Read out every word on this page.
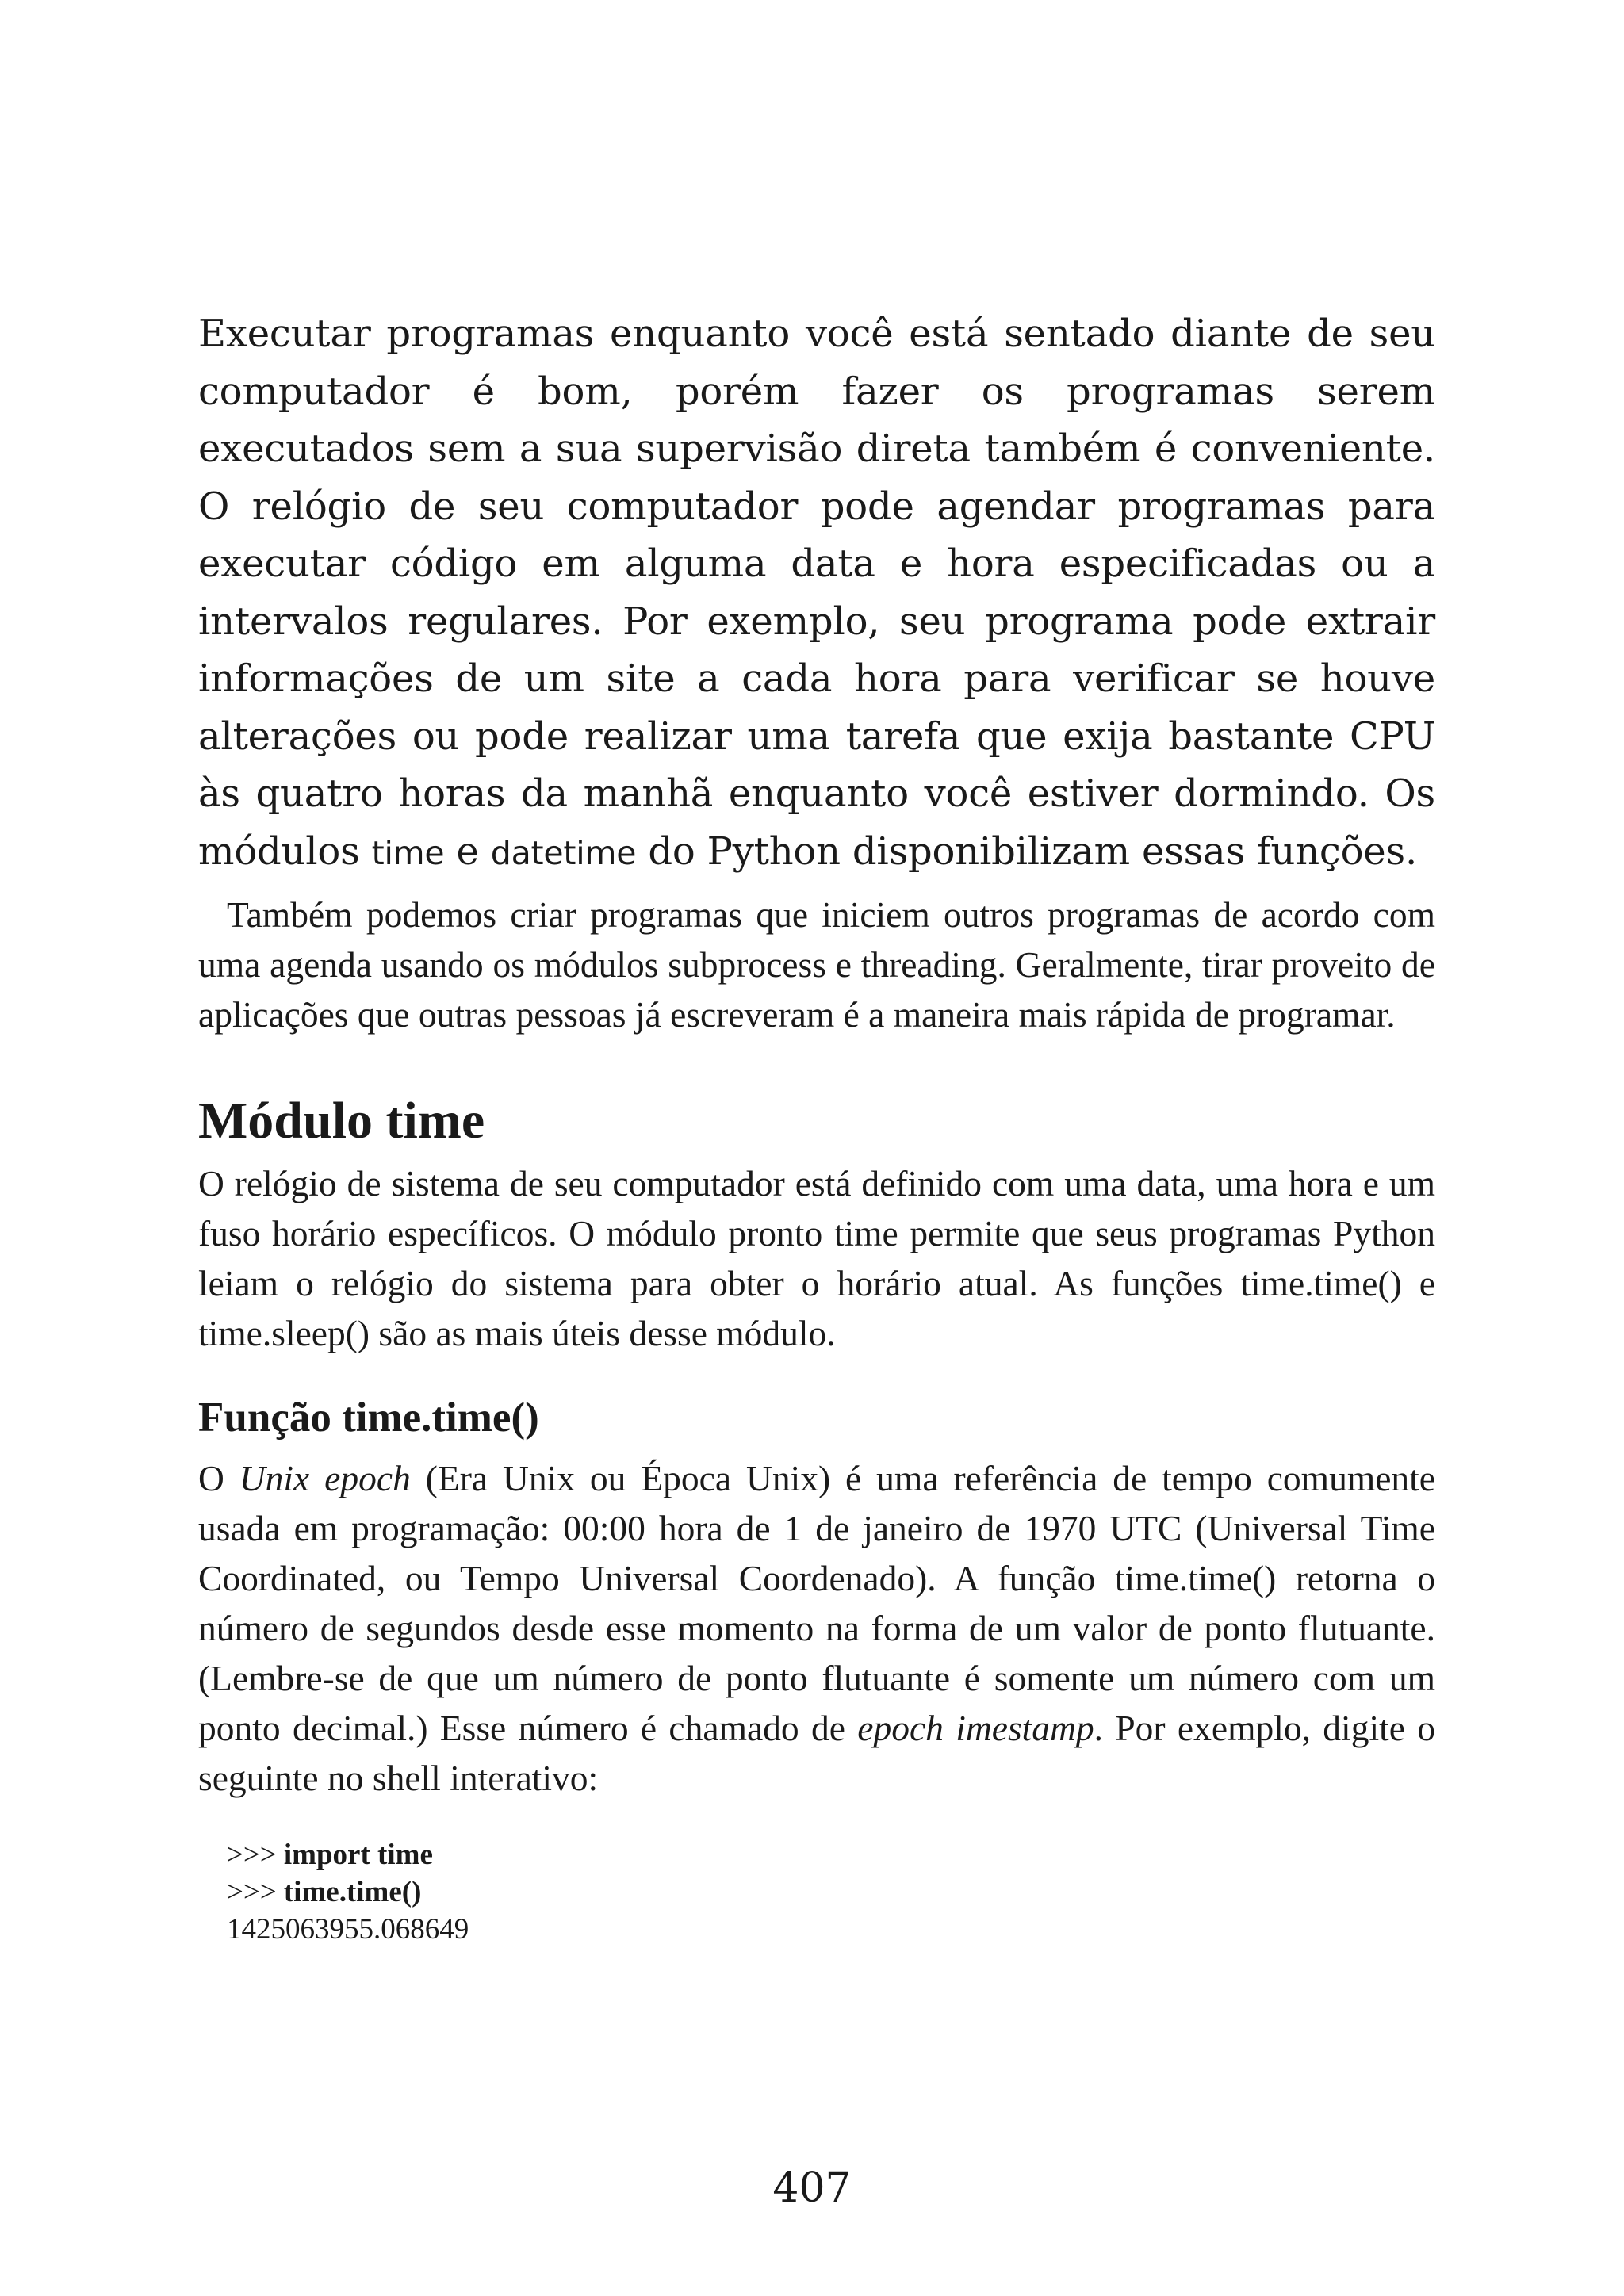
Executar programas enquanto você está sentado diante de seu computador é bom, porém fazer os programas serem executados sem a sua supervisão direta também é conveniente. O relógio de seu computador pode agendar programas para executar código em alguma data e hora especificadas ou a intervalos regulares. Por exemplo, seu programa pode extrair informações de um site a cada hora para verificar se houve alterações ou pode realizar uma tarefa que exija bastante CPU às quatro horas da manhã enquanto você estiver dormindo. Os módulos time e datetime do Python disponibilizam essas funções.

Também podemos criar programas que iniciem outros programas de acordo com uma agenda usando os módulos subprocess e threading. Geralmente, tirar proveito de aplicações que outras pessoas já escreveram é a maneira mais rápida de programar.

Módulo time

O relógio de sistema de seu computador está definido com uma data, uma hora e um fuso horário específicos. O módulo pronto time permite que seus programas Python leiam o relógio do sistema para obter o horário atual. As funções time.time() e time.sleep() são as mais úteis desse módulo.

Função time.time()

O Unix epoch (Era Unix ou Época Unix) é uma referência de tempo comumente usada em programação: 00:00 hora de 1 de janeiro de 1970 UTC (Universal Time Coordinated, ou Tempo Universal Coordenado). A função time.time() retorna o número de segundos desde esse momento na forma de um valor de ponto flutuante. (Lembre-se de que um número de ponto flutuante é somente um número com um ponto decimal.) Esse número é chamado de epoch imestamp. Por exemplo, digite o seguinte no shell interativo:

>>> import time
>>> time.time()
1425063955.068649
407
